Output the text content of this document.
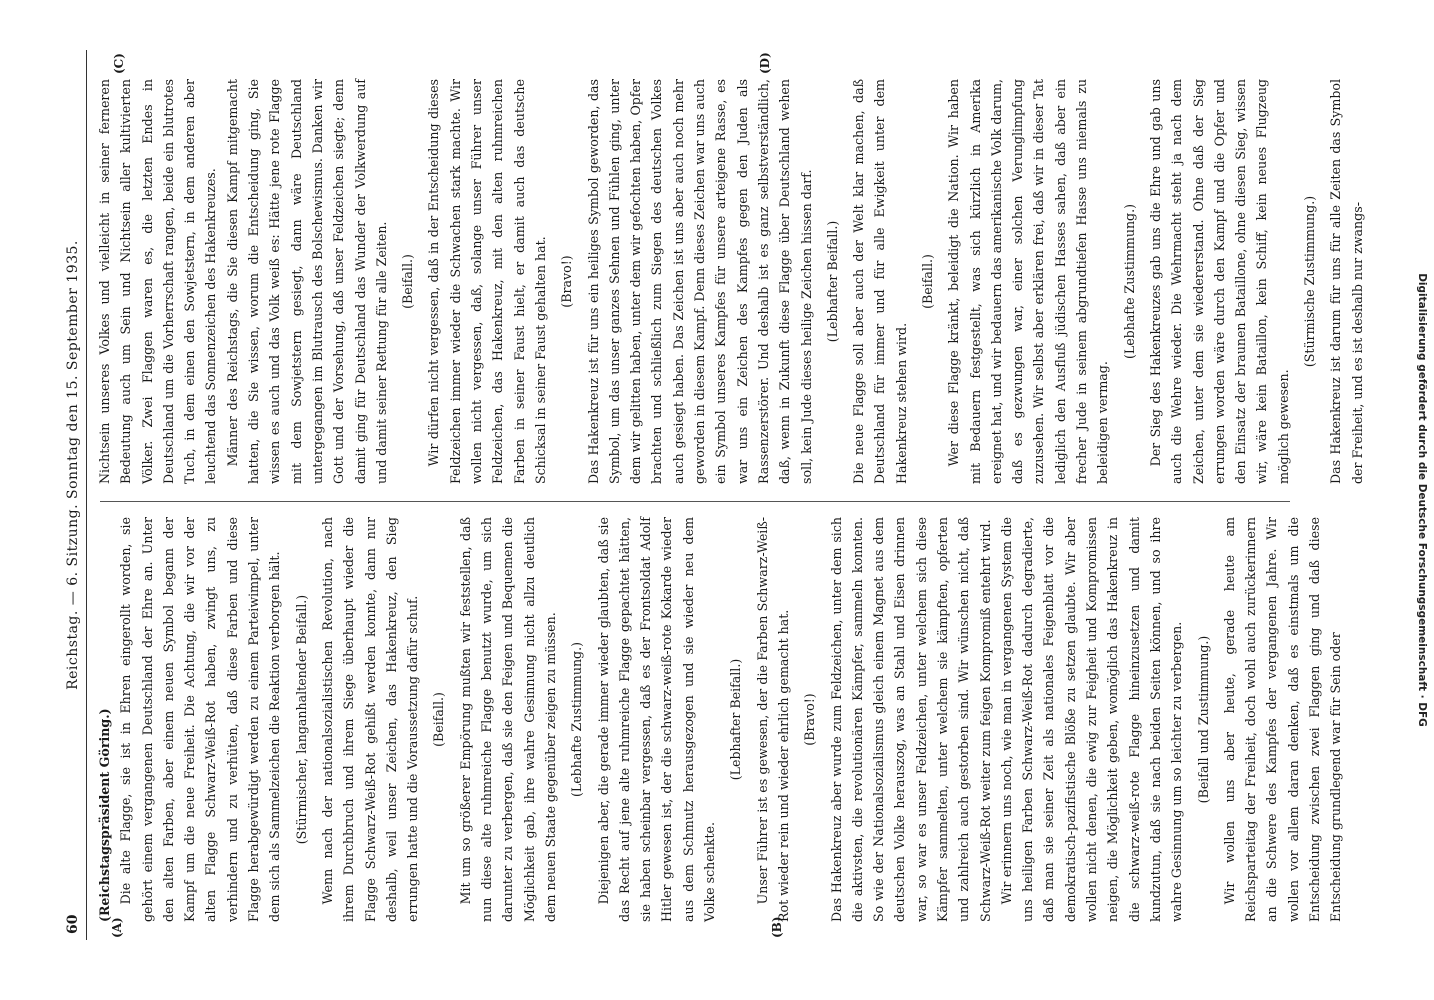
60
Reichstag. — 6. Sitzung. Sonntag den 15. September 1935.
(A)	(B)
(C)	(D)

(Reichstagspräsident Göring.) Die alte Flagge, sie ist in Ehren eingerollt worden, sie gehört einem vergangenen Deutschland der Ehre an. Unter den alten Farben, aber einem neuen Symbol begann der Kampf um die neue Freiheit. Die Achtung, die wir vor der alten Flagge Schwarz-Weiß-Rot haben, zwingt uns, zu verhindern und zu verhüten, daß diese Farben und diese Flagge herabgewürdigt werden zu einem Parteiwimpel, unter dem sich als Sammelzeichen die Reaktion verborgen hält. (Stürmischer, langanhaltender Beifall.) Wenn nach der nationalsozialistischen Revolution, nach ihrem Durchbruch und ihrem Siege überhaupt wieder die Flagge Schwarz-Weiß-Rot gehißt werden konnte, dann nur deshalb, weil unser Zeichen, das Hakenkreuz, den Sieg errungen hatte und die Voraussetzung dafür schuf. (Beifall.) Mit um so größerer Empörung mußten wir feststellen, daß nun diese alte ruhmreiche Flagge benutzt wurde, um sich darunter zu verbergen, daß sie den Feigen und Bequemen die Möglichkeit gab, ihre wahre Gesinnung nicht allzu deutlich dem neuen Staate gegenüber zeigen zu müssen. (Lebhafte Zustimmung.) Diejenigen aber, die gerade immer wieder glaubten, daß sie das Recht auf jene alte ruhmreiche Flagge gepachtet hätten, sie haben scheinbar vergessen, daß es der Frontsoldat Adolf Hitler gewesen ist, der die schwarz-weiß-rote Kokarde wieder aus dem Schmutz herausgezogen und sie wieder neu dem Volke schenkte.

(Lebhafter Beifall.) Unser Führer ist es gewesen, der die Farben Schwarz-Weiß-Rot wieder rein und wieder ehrlich gemacht hat. (Bravo!) Das Hakenkreuz aber wurde zum Feldzeichen, unter dem sich die aktivsten, die revolutionären Kämpfer, sammeln konnten. So wie der Nationalsozialismus gleich einem Magnet aus dem deutschen Volke herauszog, was an Stahl und Eisen drinnen war, so war es unser Feldzeichen, unter welchem sich diese Kämpfer sammelten, unter welchem sie kämpften, opferten und zahlreich auch gestorben sind. Wir wünschen nicht, daß Schwarz-Weiß-Rot weiter zum feigen Kompromiß entehrt wird. Wir erinnern uns noch, wie man in vergangenen System die uns heiligen Farben Schwarz-Weiß-Rot dadurch degradierte, daß man sie seiner Zeit als nationales Feigenblatt vor die demokratisch-pazifistische Blöße zu setzen glaubte. Wir aber wollen nicht denen, die ewig zur Feigheit und Kompromissen neigen, die Möglichkeit geben, womöglich das Hakenkreuz in die schwarz-weiß-rote Flagge hineinzusetzen und damit kundzutun, daß sie nach beiden Seiten können, und so ihre wahre Gesinnung um so leichter zu verbergen. (Beifall und Zustimmung.) Wir wollen uns aber heute, gerade heute am Reichsparteitag der Freiheit, doch wohl auch zurückerinnern an die Schwere des Kampfes der vergangenen Jahre. Wir wollen vor allem daran denken, daß es einstmals um die Entscheidung zwischen zwei Flaggen ging und daß diese Entscheidung grundlegend war für Sein oder

Nichtsein unseres Volkes und vielleicht in seiner ferneren Bedeutung auch um Sein und Nichtsein aller kultivierten Völker. Zwei Flaggen waren es, die letzten Endes in Deutschland um die Vorherrschaft rangen, beide ein blutrotes Tuch, in dem einen den Sowjetstern, in dem anderen aber leuchtend das Sonnenzeichen des Hakenkreuzes. Männer des Reichstags, die Sie diesen Kampf mitgemacht hatten, die Sie wissen, worum die Entscheidung ging, Sie wissen es auch und das Volk weiß es: Hätte jene rote Flagge mit dem Sowjetstern gesiegt, dann wäre Deutschland untergegangen im Blutrausch des Bolschewismus. Danken wir Gott und der Vorsehung, daß unser Feldzeichen siegte; denn damit ging für Deutschland das Wunder der Volkwerdung auf und damit seiner Rettung für alle Zeiten. (Beifall.) Wir dürfen nicht vergessen, daß in der Entscheidung dieses Feldzeichen immer wieder die Schwachen stark machte. Wir wollen nicht vergessen, daß, solange unser Führer unser Feldzeichen, das Hakenkreuz, mit den alten ruhmreichen Farben in seiner Faust hielt, er damit auch das deutsche Schicksal in seiner Faust gehalten hat. (Bravo!) Das Hakenkreuz ist für uns ein heiliges Symbol geworden, das Symbol, um das unser ganzes Sehnen und Fühlen ging, unter dem wir gelitten haben, unter dem wir gefochten haben, Opfer brachten und schließlich zum Siegen des deutschen Volkes auch gesiegt haben. Das Zeichen ist uns aber auch noch mehr geworden in diesem Kampf. Denn dieses Zeichen war uns auch ein Symbol unseres Kampfes für unsere arteigene Rasse, es war uns ein Zeichen des Kampfes gegen den Juden als Rassenzerstörer. Und deshalb ist es ganz selbstverständlich, daß, wenn in Zukunft diese Flagge über Deutschland wehen soll, kein Jude dieses heilige Zeichen hissen darf. (Lebhafter Beifall.) Die neue Flagge soll aber auch der Welt klar machen, daß Deutschland für immer und für alle Ewigkeit unter dem Hakenkreuz stehen wird.

(Beifall.) Wer diese Flagge kränkt, beleidigt die Nation. Wir haben mit Bedauern festgestellt, was sich kürzlich in Amerika ereignet hat, und wir bedauern das amerikanische Volk darum, daß es gezwungen war, einer solchen Verunglimpfung zuzusehen. Wir selbst aber erklären frei, daß wir in dieser Tat lediglich den Ausfluß jüdischen Hasses sahen, daß aber ein frecher Jude in seinem abgrundtiefen Hasse uns niemals zu beleidigen vermag.

(Lebhafte Zustimmung.) Der Sieg des Hakenkreuzes gab uns die Ehre und gab uns auch die Wehre wieder. Die Wehrmacht steht ja nach dem Zeichen, unter dem sie wiedererstand. Ohne daß der Sieg errungen worden wäre durch den Kampf und die Opfer und den Einsatz der braunen Bataillone, ohne diesen Sieg, wissen wir, wäre kein Bataillon, kein Schiff, kein neues Flugzeug möglich gewesen.

(Stürmische Zustimmung.) Das Hakenkreuz ist darum für uns für alle Zeiten das Symbol der Freiheit, und es ist deshalb nur zwangs-	Digitalisierung gefördert durch die Deutsche Forschungsgemeinschaft · DFG
